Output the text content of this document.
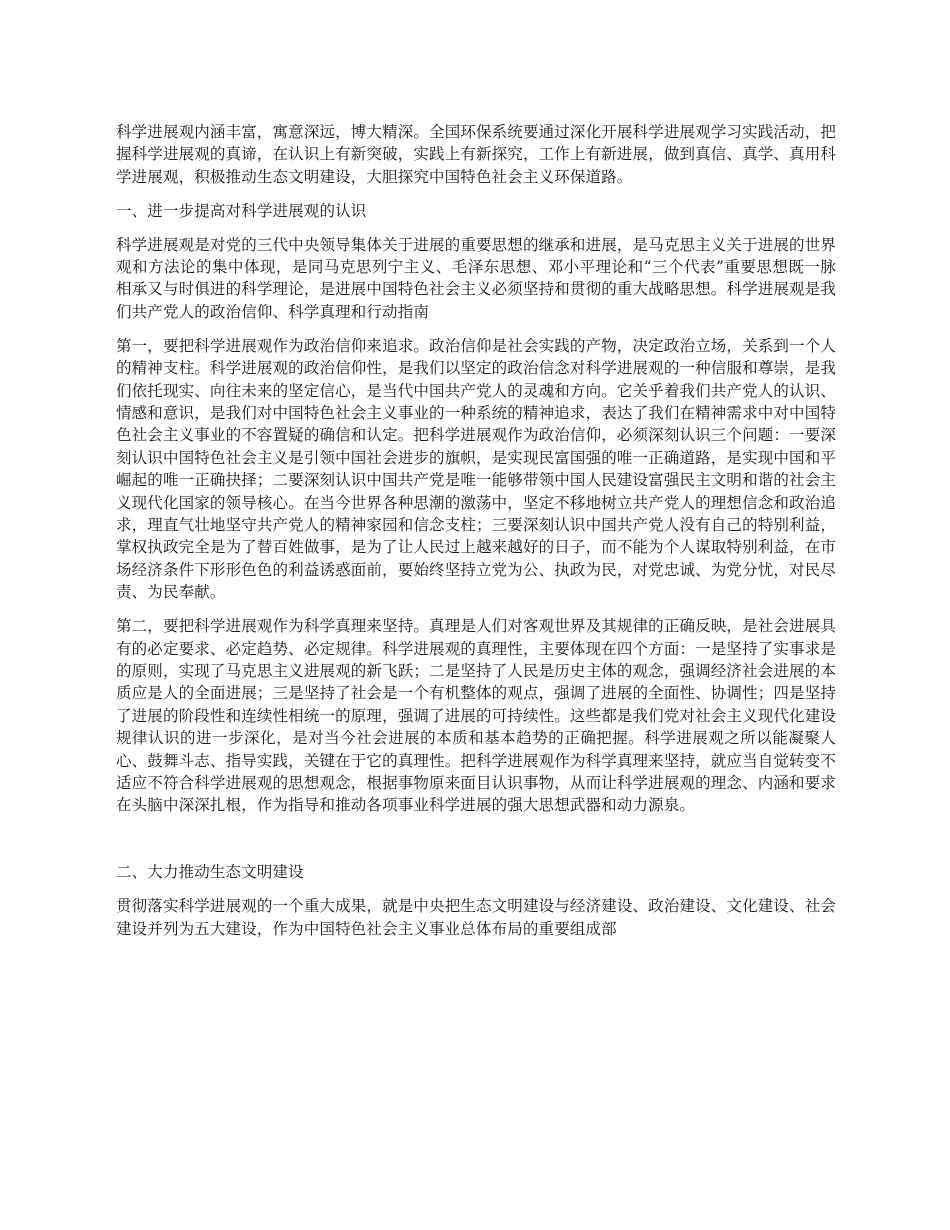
科学进展观内涵丰富，寓意深远，博大精深。全国环保系统要通过深化开展科学进展观学习实践活动，把握科学进展观的真谛，在认识上有新突破，实践上有新探究，工作上有新进展，做到真信、真学、真用科学进展观，积极推动生态文明建设，大胆探究中国特色社会主义环保道路。

一、进一步提高对科学进展观的认识

科学进展观是对党的三代中央领导集体关于进展的重要思想的继承和进展，是马克思主义关于进展的世界观和方法论的集中体现，是同马克思列宁主义、毛泽东思想、邓小平理论和“三个代表”重要思想既一脉相承又与时俱进的科学理论，是进展中国特色社会主义必须坚持和贯彻的重大战略思想。科学进展观是我们共产党人的政治信仰、科学真理和行动指南

第一，要把科学进展观作为政治信仰来追求。政治信仰是社会实践的产物，决定政治立场，关系到一个人的精神支柱。科学进展观的政治信仰性，是我们以坚定的政治信念对科学进展观的一种信服和尊崇，是我们依托现实、向往未来的坚定信心，是当代中国共产党人的灵魂和方向。它关乎着我们共产党人的认识、情感和意识，是我们对中国特色社会主义事业的一种系统的精神追求，表达了我们在精神需求中对中国特色社会主义事业的不容置疑的确信和认定。把科学进展观作为政治信仰，必须深刻认识三个问题：一要深刻认识中国特色社会主义是引领中国社会进步的旗帜，是实现民富国强的唯一正确道路，是实现中国和平崛起的唯一正确抉择；二要深刻认识中国共产党是唯一能够带领中国人民建设富强民主文明和谐的社会主义现代化国家的领导核心。在当今世界各种思潮的激荡中，坚定不移地树立共产党人的理想信念和政治追求，理直气壮地坚守共产党人的精神家园和信念支柱；三要深刻认识中国共产党人没有自己的特别利益，掌权执政完全是为了替百姓做事，是为了让人民过上越来越好的日子，而不能为个人谋取特别利益，在市场经济条件下形形色色的利益诱惑面前，要始终坚持立党为公、执政为民，对党忠诚、为党分忧，对民尽责、为民奉献。

第二，要把科学进展观作为科学真理来坚持。真理是人们对客观世界及其规律的正确反映，是社会进展具有的必定要求、必定趋势、必定规律。科学进展观的真理性，主要体现在四个方面：一是坚持了实事求是的原则，实现了马克思主义进展观的新飞跃；二是坚持了人民是历史主体的观念，强调经济社会进展的本质应是人的全面进展；三是坚持了社会是一个有机整体的观点，强调了进展的全面性、协调性；四是坚持了进展的阶段性和连续性相统一的原理，强调了进展的可持续性。这些都是我们党对社会主义现代化建设规律认识的进一步深化，是对当今社会进展的本质和基本趋势的正确把握。科学进展观之所以能凝聚人心、鼓舞斗志、指导实践，关键在于它的真理性。把科学进展观作为科学真理来坚持，就应当自觉转变不适应不符合科学进展观的思想观念，根据事物原来面目认识事物，从而让科学进展观的理念、内涵和要求在头脑中深深扎根，作为指导和推动各项事业科学进展的强大思想武器和动力源泉。

二、大力推动生态文明建设

贯彻落实科学进展观的一个重大成果，就是中央把生态文明建设与经济建设、政治建设、文化建设、社会建设并列为五大建设，作为中国特色社会主义事业总体布局的重要组成部
